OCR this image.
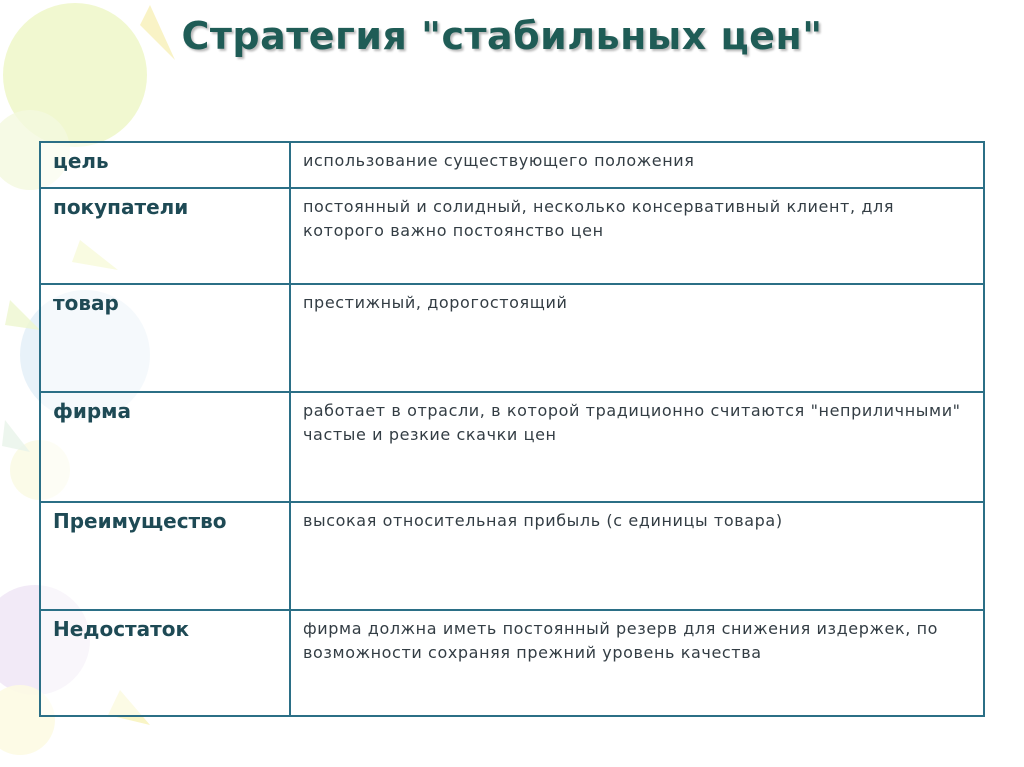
Стратегия "стабильных цен"
цель	использование существующего положения
покупатели	постоянный и солидный, несколько консервативный клиент, для которого важно постоянство цен
товар	престижный, дорогостоящий
фирма	работает в отрасли, в которой традиционно считаются "неприличными" частые и резкие скачки цен
Преимущество	высокая относительная прибыль (с единицы товара)
Недостаток	фирма должна иметь постоянный резерв для снижения издержек, по возможности сохраняя прежний уровень качества
